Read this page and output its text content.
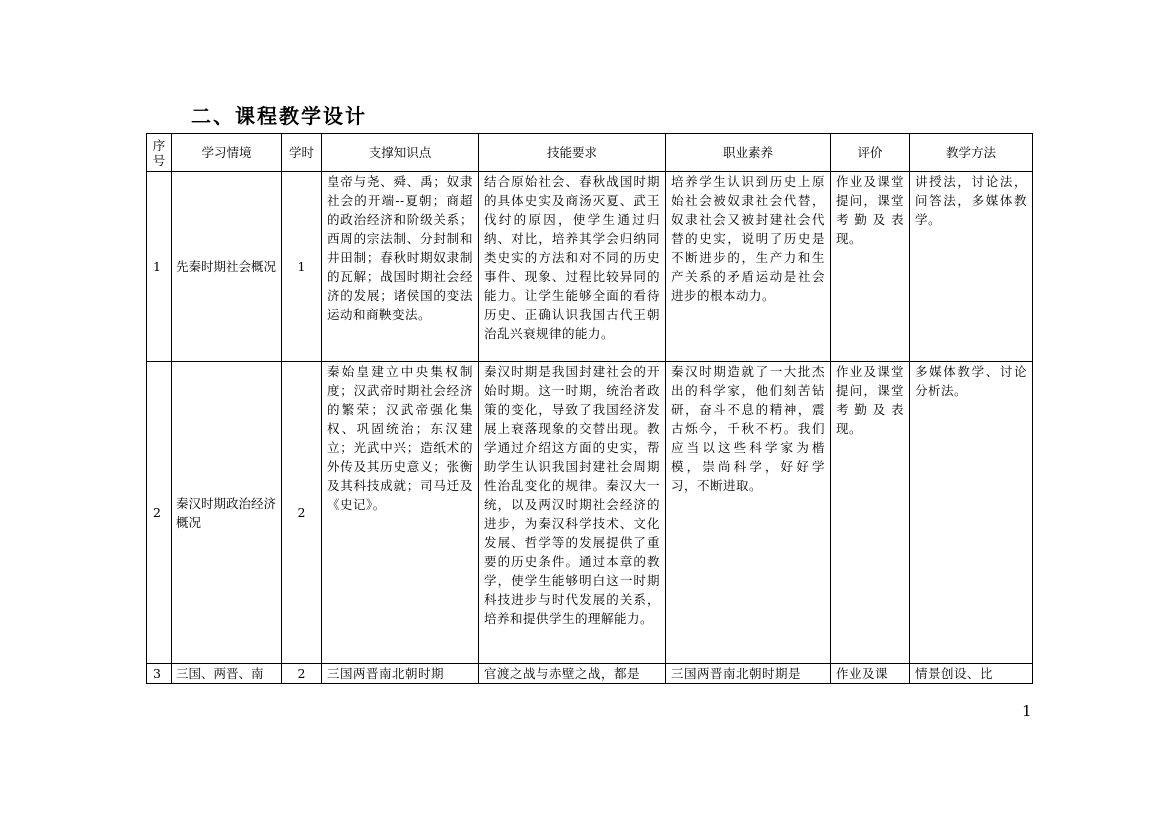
二、课程教学设计
序号	学习情境	学时	支撑知识点	技能要求	职业素养	评价	教学方法
1	先秦时期社会概况	1	皇帝与尧、舜、禹；奴隶社会的开端--夏朝；商超的政治经济和阶级关系；西周的宗法制、分封制和井田制；春秋时期奴隶制的瓦解；战国时期社会经济的发展；诸侯国的变法运动和商鞅变法。	结合原始社会、春秋战国时期的具体史实及商汤灭夏、武王伐纣的原因，使学生通过归纳、对比，培养其学会归纳同类史实的方法和对不同的历史事件、现象、过程比较异同的能力。让学生能够全面的看待历史、正确认识我国古代王朝治乱兴衰规律的能力。	培养学生认识到历史上原始社会被奴隶社会代替，奴隶社会又被封建社会代替的史实，说明了历史是不断进步的，生产力和生产关系的矛盾运动是社会进步的根本动力。	作业及课堂提问，课堂考勤及表现。	讲授法，讨论法，问答法，多媒体教学。
2	秦汉时期政治经济概况	2	秦始皇建立中央集权制度；汉武帝时期社会经济的繁荣；汉武帝强化集权、巩固统治；东汉建立；光武中兴；造纸术的外传及其历史意义；张衡及其科技成就；司马迁及《史记》。	秦汉时期是我国封建社会的开始时期。这一时期，统治者政策的变化，导致了我国经济发展上衰落现象的交替出现。教学通过介绍这方面的史实，帮助学生认识我国封建社会周期性治乱变化的规律。秦汉大一统，以及两汉时期社会经济的进步，为秦汉科学技术、文化发展、哲学等的发展提供了重要的历史条件。通过本章的教学，使学生能够明白这一时期科技进步与时代发展的关系，培养和提供学生的理解能力。	秦汉时期造就了一大批杰出的科学家，他们刻苦钻研，奋斗不息的精神，震古烁今，千秋不朽。我们应当以这些科学家为楷模，崇尚科学，好好学习，不断进取。	作业及课堂提问，课堂考勤及表现。	多媒体教学、讨论分析法。
3	三国、两晋、南	2	三国两晋南北朝时期	官渡之战与赤壁之战，都是	三国两晋南北朝时期是	作业及课	情景创设、比
1
